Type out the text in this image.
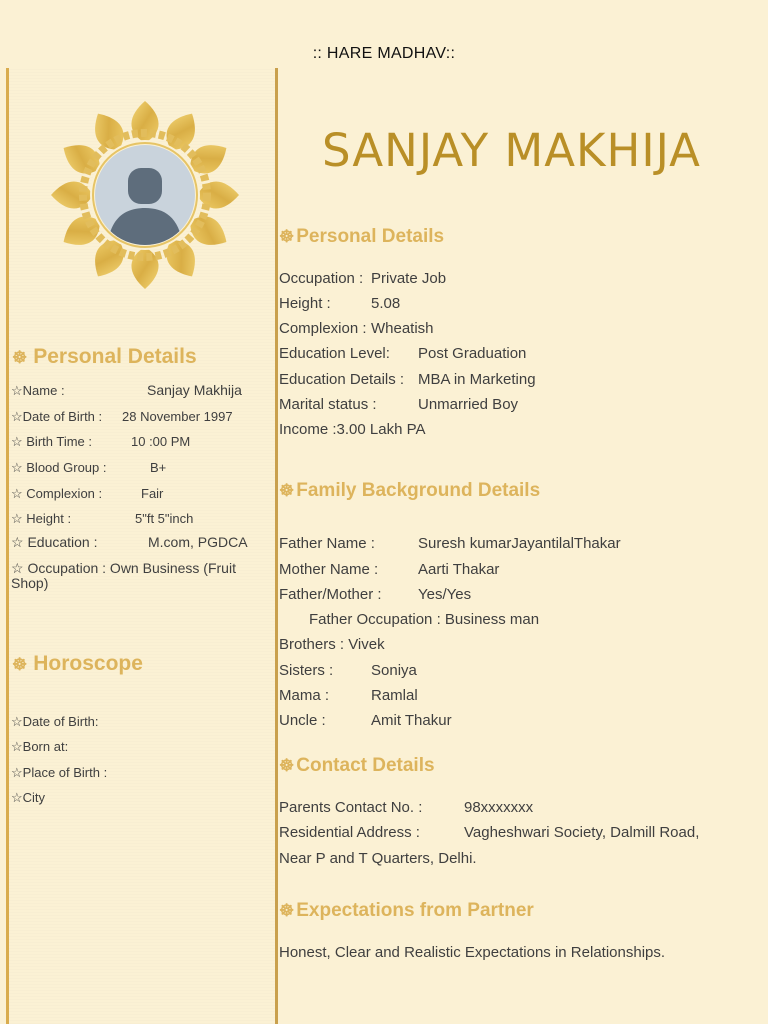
:: HARE MADHAV::
☸ Personal Details
☆Name :	Sanjay Makhija
☆Date of Birth : 28 November 1997
☆ Birth Time :	10 :00 PM
☆ Blood Group :	B+
☆ Complexion :	Fair
☆ Height :	5"ft 5"inch
☆ Education :	M.com, PGDCA
☆ Occupation : Own Business (Fruit Shop)
☸ Horoscope
☆Date of Birth:
☆Born at:
☆Place of Birth :
☆City
SANJAY MAKHIJA
☸ Personal Details
Occupation : Private Job
Height :	5.08
Complexion : Wheatish
Education Level: Post Graduation
Education Details : MBA in Marketing
Marital status :	Unmarried Boy
Income :3.00 Lakh PA
☸ Family Background Details
Father Name :	Suresh kumarJayantilalThakar
Mother Name :	Aarti Thakar
Father/Mother : Yes/Yes
Father Occupation : Business man
Brothers : Vivek
Sisters :	Soniya
Mama :	Ramlal
Uncle :	Amit Thakur
☸ Contact Details
Parents Contact No. :	98xxxxxxx
Residential Address :	Vagheshwari Society, Dalmill Road,
Near P and T Quarters, Delhi.
☸ Expectations from Partner
Honest, Clear and Realistic Expectations in Relationships.
